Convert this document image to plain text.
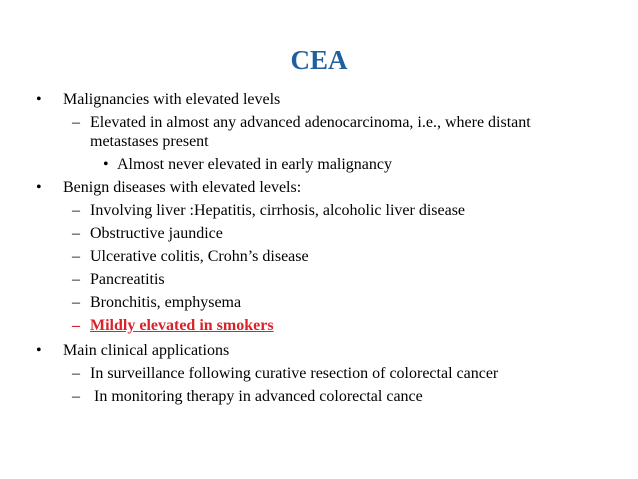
CEA
• Malignancies with elevated levels
– Elevated in almost any advanced adenocarcinoma, i.e., where distant
metastases present
• Almost never elevated in early malignancy
• Benign diseases with elevated levels:
– Involving liver :Hepatitis, cirrhosis, alcoholic liver disease
– Obstructive jaundice
– Ulcerative colitis, Crohn’s disease
– Pancreatitis
– Bronchitis, emphysema
– Mildly elevated in smokers
• Main clinical applications
– In surveillance following curative resection of colorectal cancer
– In monitoring therapy in advanced colorectal cance
